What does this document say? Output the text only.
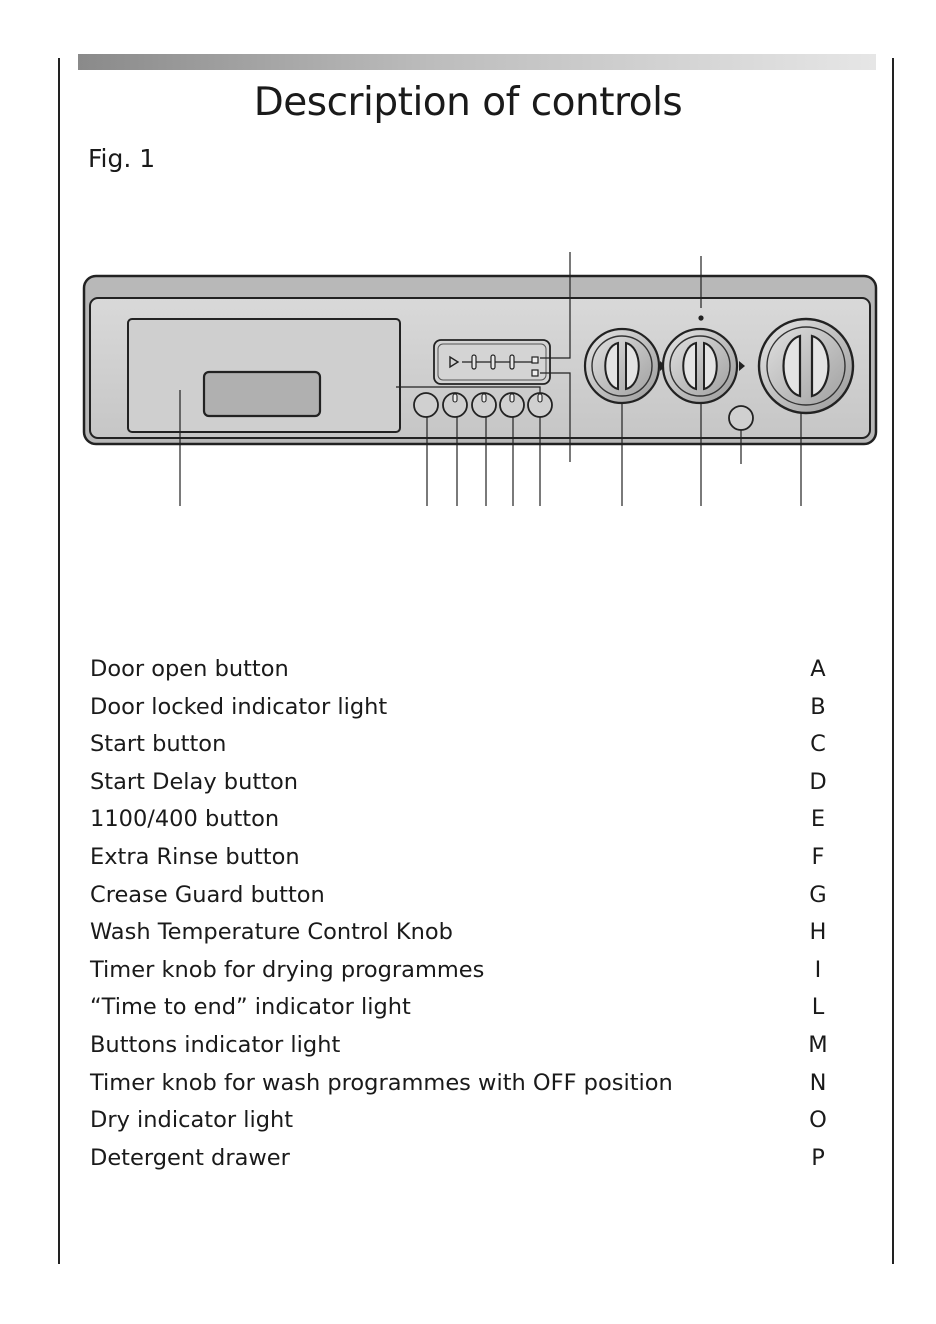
Description of controls
Fig. 1
Door open button	A
Door locked indicator light	B
Start button	C
Start Delay button	D
1100/400 button	E
Extra Rinse button	F
Crease Guard button	G
Wash Temperature Control Knob	H
Timer knob for drying programmes	I
“Time to end” indicator light	L
Buttons indicator light	M
Timer knob for wash programmes with OFF position	N
Dry indicator light	O
Detergent drawer	P
